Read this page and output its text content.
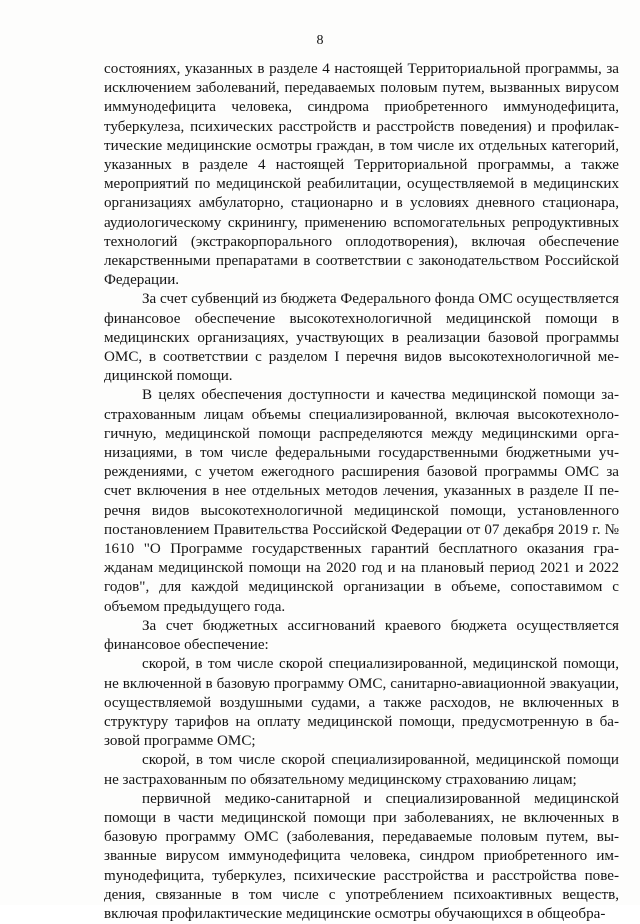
8

состояниях, указанных в разделе 4 настоящей Территориальной программы, за исключением заболеваний, передаваемых половым путем, вызванных вирусом иммунодефицита человека, синдрома приобретенного иммунодефицита, туберкулеза, психических расстройств и расстройств поведения) и профилактические медицинские осмотры граждан, в том числе их отдельных категорий, указанных в разделе 4 настоящей Территориальной программы, а также мероприятий по медицинской реабилитации, осуществляемой в медицинских организациях амбулаторно, стационарно и в условиях дневного стационара, аудиологическому скринингу, применению вспомогательных репродуктивных технологий (экстракорпорального оплодотворения), включая обеспечение лекарственными препаратами в соответствии с законодательством Российской Федерации.

За счет субвенций из бюджета Федерального фонда ОМС осуществляется финансовое обеспечение высокотехнологичной медицинской помощи в медицинских организациях, участвующих в реализации базовой программы ОМС, в соответствии с разделом I перечня видов высокотехнологичной медицинской помощи.

В целях обеспечения доступности и качества медицинской помощи застрахованным лицам объемы специализированной, включая высокотехнологичную, медицинской помощи распределяются между медицинскими организациями, в том числе федеральными государственными бюджетными учреждениями, с учетом ежегодного расширения базовой программы ОМС за счет включения в нее отдельных методов лечения, указанных в разделе II перечня видов высокотехнологичной медицинской помощи, установленного постановлением Правительства Российской Федерации от 07 декабря 2019 г. № 1610 "О Программе государственных гарантий бесплатного оказания гражданам медицинской помощи на 2020 год и на плановый период 2021 и 2022 годов", для каждой медицинской организации в объеме, сопоставимом с объемом предыдущего года.

За счет бюджетных ассигнований краевого бюджета осуществляется финансовое обеспечение:

скорой, в том числе скорой специализированной, медицинской помощи, не включенной в базовую программу ОМС, санитарно-авиационной эвакуации, осуществляемой воздушными судами, а также расходов, не включенных в структуру тарифов на оплату медицинской помощи, предусмотренную в базовой программе ОМС;

скорой, в том числе скорой специализированной, медицинской помощи не застрахованным по обязательному медицинскому страхованию лицам;

первичной медико-санитарной и специализированной медицинской помощи в части медицинской помощи при заболеваниях, не включенных в базовую программу ОМС (заболевания, передаваемые половым путем, вызванные вирусом иммунодефицита человека, синдром приобретенного имmунодефицита, туберкулез, психические расстройства и расстройства поведения, связанные в том числе с употреблением психоактивных веществ, включая профилактические медицинские осмотры обучающихся в общеобра-
